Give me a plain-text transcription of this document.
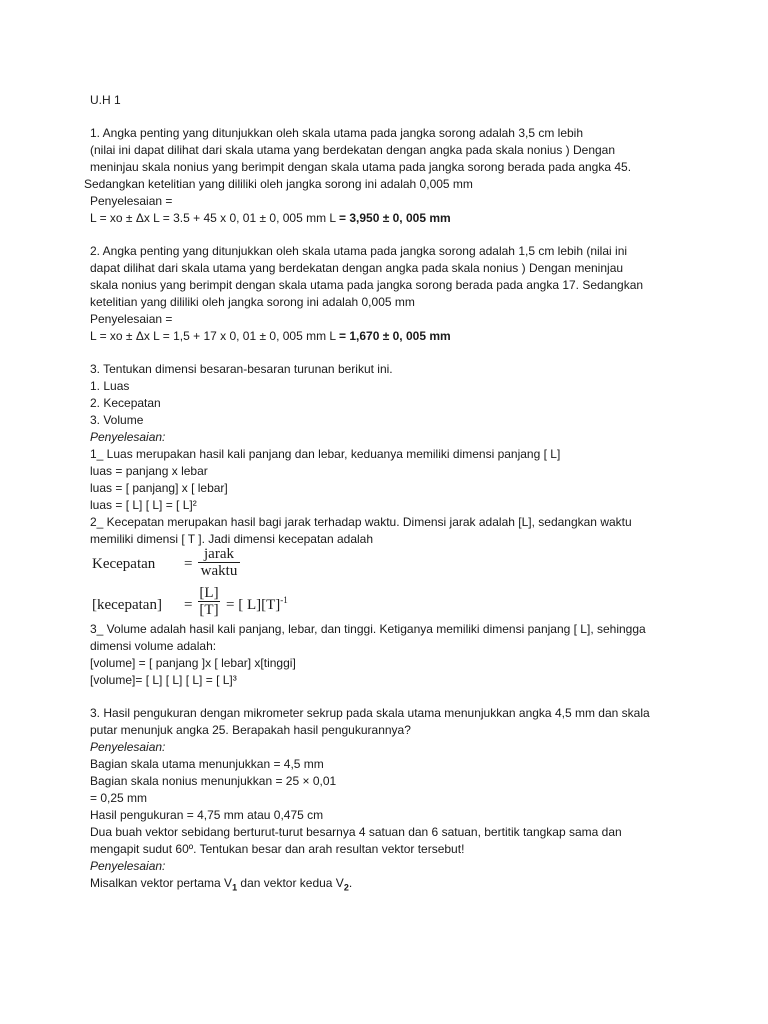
U.H 1
1. Angka penting yang ditunjukkan oleh skala utama pada jangka sorong adalah 3,5 cm lebih
(nilai ini dapat dilihat dari skala utama yang berdekatan dengan angka pada skala nonius ) Dengan
meninjau skala nonius yang berimpit dengan skala utama pada jangka sorong berada pada angka 45.
Sedangkan ketelitian yang dililiki oleh jangka sorong ini adalah 0,005 mm
Penyelesaian =
L = xo ± Δx L = 3.5 + 45 x 0, 01 ± 0, 005 mm L = 3,950 ± 0, 005 mm
2. Angka penting yang ditunjukkan oleh skala utama pada jangka sorong adalah 1,5 cm lebih (nilai ini
dapat dilihat dari skala utama yang berdekatan dengan angka pada skala nonius ) Dengan meninjau
skala nonius yang berimpit dengan skala utama pada jangka sorong berada pada angka 17. Sedangkan
ketelitian yang dililiki oleh jangka sorong ini adalah 0,005 mm
Penyelesaian =
L = xo ± Δx L = 1,5 + 17 x 0, 01 ± 0, 005 mm L = 1,670 ± 0, 005 mm
3. Tentukan dimensi besaran-besaran turunan berikut ini.
1. Luas
2. Kecepatan
3. Volume
Penyelesaian:
1_ Luas merupakan hasil kali panjang dan lebar, keduanya memiliki dimensi panjang [ L]
luas = panjang x lebar
luas = [ panjang] x [ lebar]
luas = [ L] [ L] = [ L]²
2_ Kecepatan merupakan hasil bagi jarak terhadap waktu. Dimensi jarak adalah [L], sedangkan waktu
memiliki dimensi [ T ]. Jadi dimensi kecepatan adalah
Kecepatan =
jarak
waktu
[kecepatan] =
[L]
[T] = [ $L][T]^{-1}$
3_ Volume adalah hasil kali panjang, lebar, dan tinggi. Ketiganya memiliki dimensi panjang [ L], sehingga
dimensi volume adalah:
[volume] = [ panjang ]x [ lebar] x[tinggi]
[volume]= [ L] [ L] [ L] = [ L]³
3. Hasil pengukuran dengan mikrometer sekrup pada skala utama menunjukkan angka 4,5 mm dan skala
putar menunjuk angka 25. Berapakah hasil pengukurannya?
Penyelesaian:
Bagian skala utama menunjukkan = 4,5 mm
Bagian skala nonius menunjukkan = 25 × 0,01
= 0,25 mm
Hasil pengukuran = 4,75 mm atau 0,475 cm
Dua buah vektor sebidang berturut-turut besarnya 4 satuan dan 6 satuan, bertitik tangkap sama dan
mengapit sudut 60º. Tentukan besar dan arah resultan vektor tersebut!
Penyelesaian:
Misalkan vektor pertama $V_1$ dan vektor kedua $V_2$.
